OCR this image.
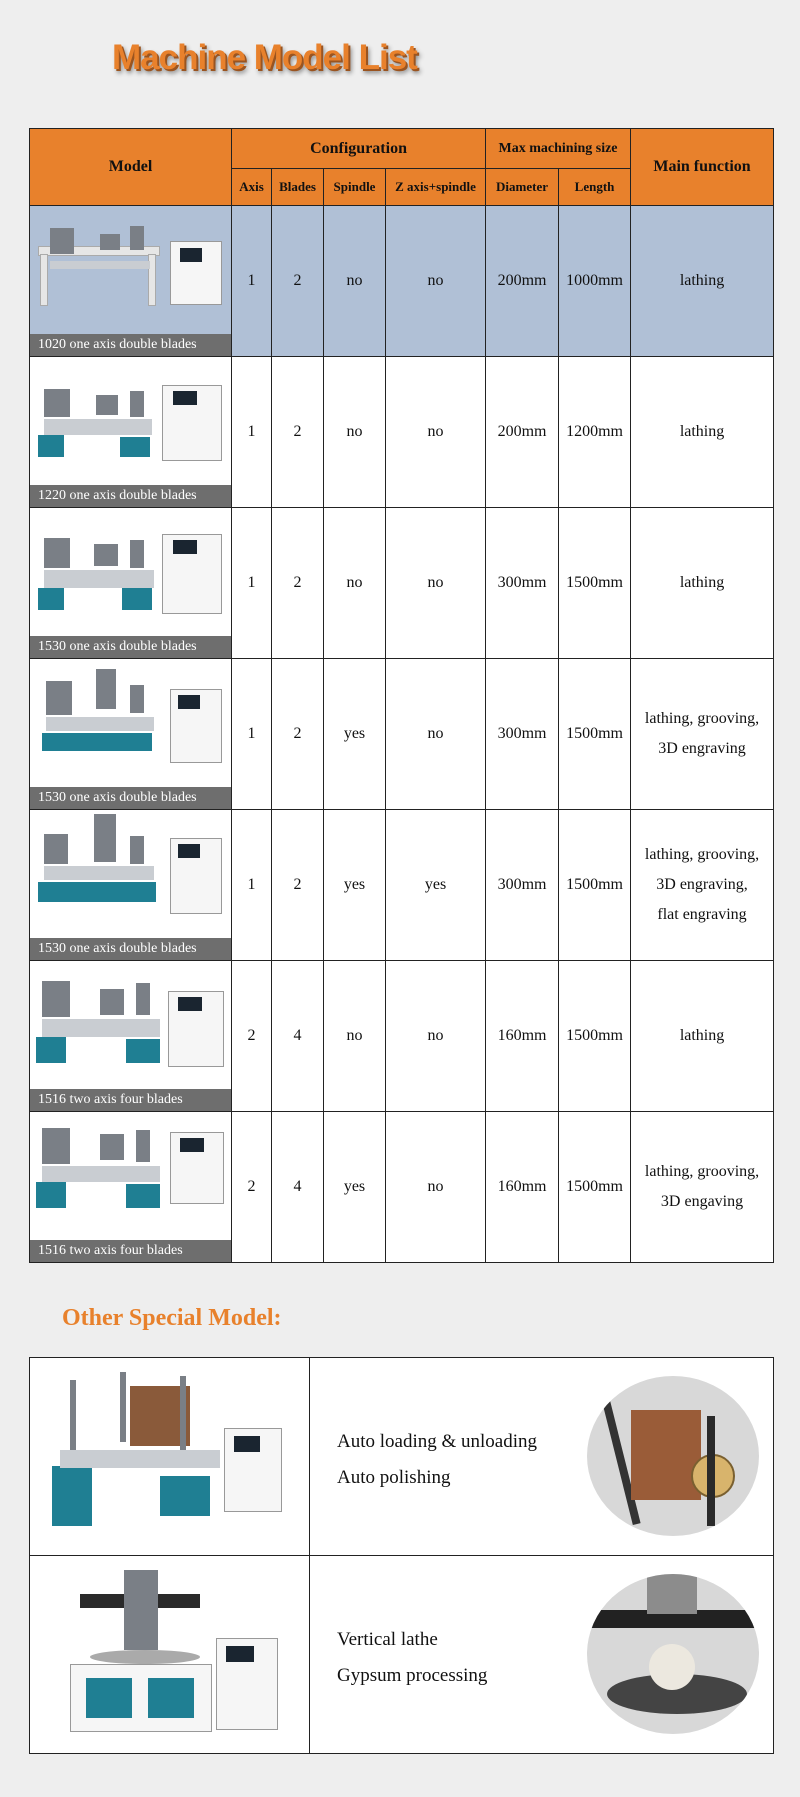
Machine Model List
Model	Configuration				Max machining size		Main function
	Axis	Blades	Spindle	Z axis+spindle	Diameter	Length	

1020 one axis double blades	1	2	no	no	200mm	1000mm	lathing

1220 one axis double blades	1	2	no	no	200mm	1200mm	lathing

1530 one axis double blades	1	2	no	no	300mm	1500mm	lathing

1530 one axis double blades	1	2	yes	no	300mm	1500mm	lathing, grooving,
3D engraving

1530 one axis double blades	1	2	yes	yes	300mm	1500mm	lathing, grooving,
3D engraving,
flat engraving

1516 two axis four blades	2	4	no	no	160mm	1500mm	lathing

1516 two axis four blades	2	4	yes	no	160mm	1500mm	lathing, grooving,
3D engaving
Other Special Model:

	Auto loading & unloading
Auto polishing

	Vertical lathe
Gypsum processing
